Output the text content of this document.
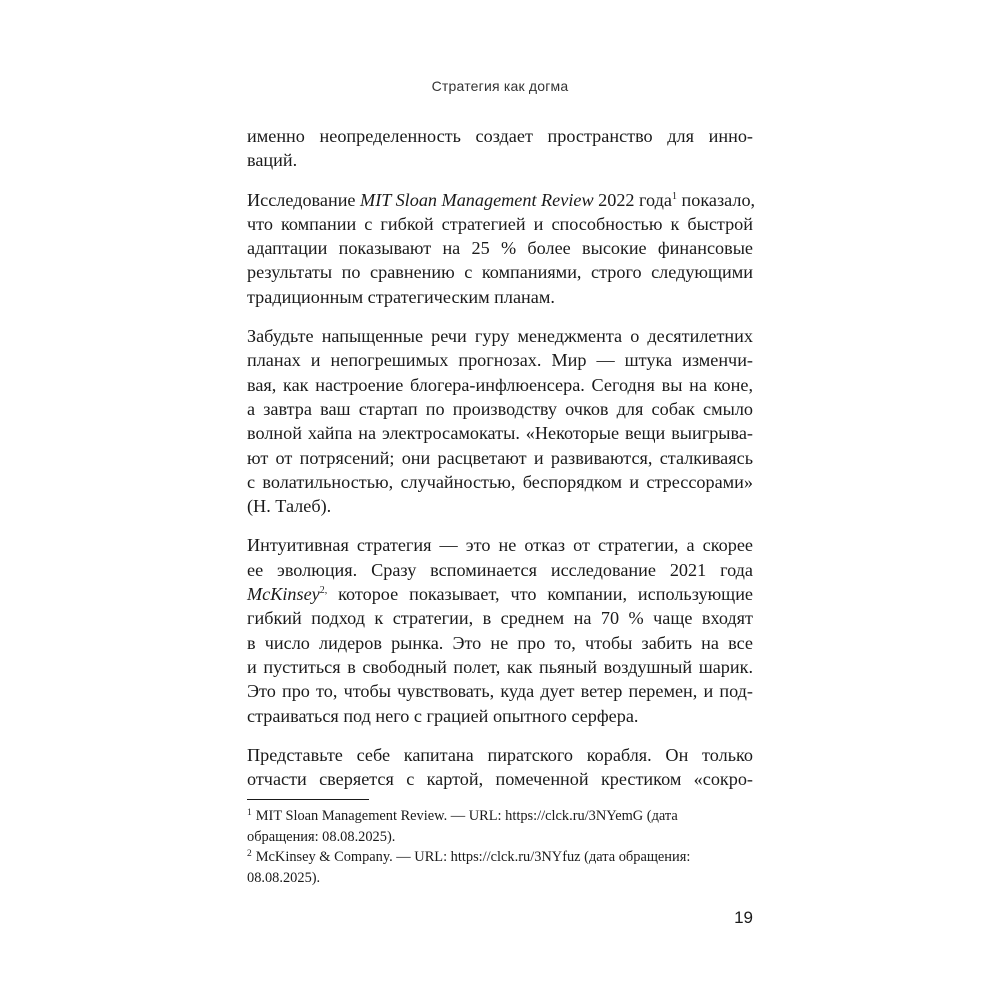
Стратегия как догма
именно неопределенность создает пространство для инно-
ваций.
Исследование MIT Sloan Management Review 2022 года$^1$ показало,
что компании с гибкой стратегией и способностью к быстрой
адаптации показывают на 25 % более высокие финансовые
результаты по сравнению с компаниями, строго следующими
традиционным стратегическим планам.
Забудьте напыщенные речи гуру менеджмента о десятилетних
планах и непогрешимых прогнозах. Мир — штука изменчи-
вая, как настроение блогера-инфлюенсера. Сегодня вы на коне,
а завтра ваш стартап по производству очков для собак смыло
волной хайпа на электросамокаты. «Некоторые вещи выигрыва-
ют от потрясений; они расцветают и развиваются, сталкиваясь
с волатильностью, случайностью, беспорядком и стрессорами»
(Н. Талеб).
Интуитивная стратегия — это не отказ от стратегии, а скорее
ее эволюция. Сразу вспоминается исследование 2021 года
McKinsey$^{2,}$ которое показывает, что компании, использующие
гибкий подход к стратегии, в среднем на 70 % чаще входят
в число лидеров рынка. Это не про то, чтобы забить на все
и пуститься в свободный полет, как пьяный воздушный шарик.
Это про то, чтобы чувствовать, куда дует ветер перемен, и под-
страиваться под него с грацией опытного серфера.
Представьте себе капитана пиратского корабля. Он только
отчасти сверяется с картой, помеченной крестиком «сокро-
$^1$ MIT Sloan Management Review. — URL: https://clck.ru/3NYemG (дата
обращения: 08.08.2025).
$^2$ McKinsey & Company. — URL: https://clck.ru/3NYfuz (дата обращения:
08.08.2025).
19
